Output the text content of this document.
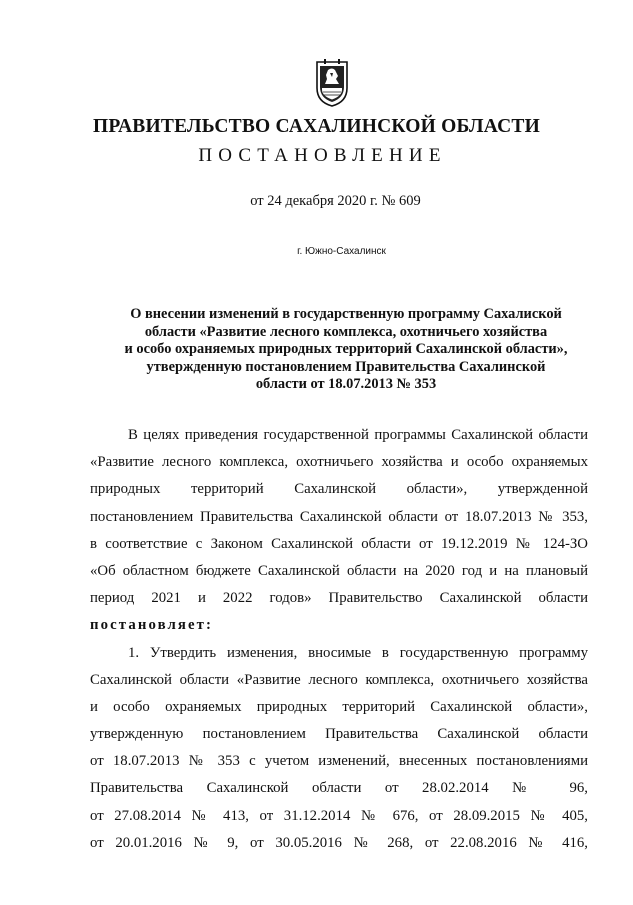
ПРАВИТЕЛЬСТВО САХАЛИНСКОЙ ОБЛАСТИ
ПОСТАНОВЛЕНИЕ
от 24 декабря 2020 г. № 609
г. Южно-Сахалинск
О внесении изменений в государственную программу Сахалиской
области «Развитие лесного комплекса, охотничьего хозяйства
и особо охраняемых природных территорий Сахалинской области»,
утвержденную постановлением Правительства Сахалинской
области от 18.07.2013 № 353
В целях приведения государственной программы Сахалинской области
«Развитие лесного комплекса, охотничьего хозяйства и особо охраняемых
природных территорий Сахалинской области», утвержденной
постановлением Правительства Сахалинской области от 18.07.2013 № 353,
в соответствие с Законом Сахалинской области от 19.12.2019 № 124-ЗО
«Об областном бюджете Сахалинской области на 2020 год и на плановый
период 2021 и 2022 годов» Правительство Сахалинской области
постановляет:
1. Утвердить изменения, вносимые в государственную программу
Сахалинской области «Развитие лесного комплекса, охотничьего хозяйства
и особо охраняемых природных территорий Сахалинской области»,
утвержденную постановлением Правительства Сахалинской области
от 18.07.2013 № 353 с учетом изменений, внесенных постановлениями
Правительства Сахалинской области от 28.02.2014 № 96,
от 27.08.2014 № 413, от 31.12.2014 № 676, от 28.09.2015 № 405,
от 20.01.2016 № 9, от 30.05.2016 № 268, от 22.08.2016 № 416,
